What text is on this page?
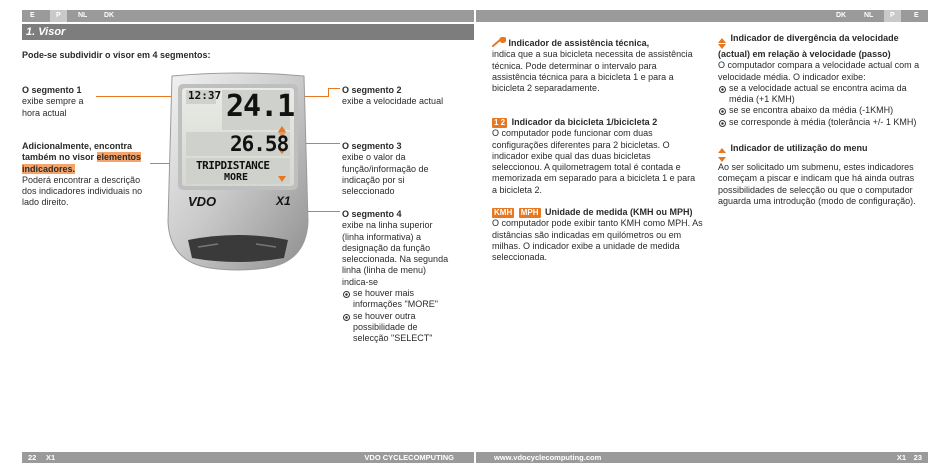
E	P	NL DK	DK	NL	P	E
1. Visor
Pode-se subdividir o visor em 4 segmentos:
O segmento 1
exibe sempre a hora actual
Adicionalmente, encontra também no visor elementos indicadores.
Poderá encontrar a descrição dos indicadores individuais no lado direito.
12:37 24.1
26.58
TRIPDISTANCE
MORE
VDO	X1
O segmento 2
exibe a velocidade actual
O segmento 3
exibe o valor da função/informação de indicação por si seleccionado
O segmento 4
exibe na linha superior (linha informativa) a designação da função seleccionada. Na segunda linha (linha de menu) indica-se
se houver mais informações "MORE"
se houver outra possibilidade de selecção "SELECT"
Indicador de assistência técnica,
indica que a sua bicicleta necessita de assistência técnica. Pode determinar o intervalo para assistência técnica para a bicicleta 1 e para a bicicleta 2 separadamente.
1 2 Indicador da bicicleta 1/bicicleta 2
O computador pode funcionar com duas configurações diferentes para 2 bicicletas. O indicador exibe qual das duas bicicletas seleccionou. A quilometragem total é contada e memorizada em separado para a bicicleta 1 e para a bicicleta 2.
KMH MPH Unidade de medida (KMH ou MPH)
O computador pode exibir tanto KMH como MPH. As distâncias são indicadas em quilómetros ou em milhas. O indicador exibe a unidade de medida seleccionada.
Indicador de divergência da velocidade (actual) em relação à velocidade (passo)
O computador compara a velocidade actual com a velocidade média. O indicador exibe:
se a velocidade actual se encontra acima da média (+1 KMH)
se se encontra abaixo da média (-1KMH)
se corresponde à média (tolerância +/- 1 KMH)
Indicador de utilização do menu
Ao ser solicitado um submenu, estes indicadores começam a piscar e indicam que há ainda outras possibilidades de selecção ou que o computador aguarda uma introdução (modo de configuração).
22 X1	VDO CYCLECOMPUTING	www.vdocyclecomputing.com	X1 23
